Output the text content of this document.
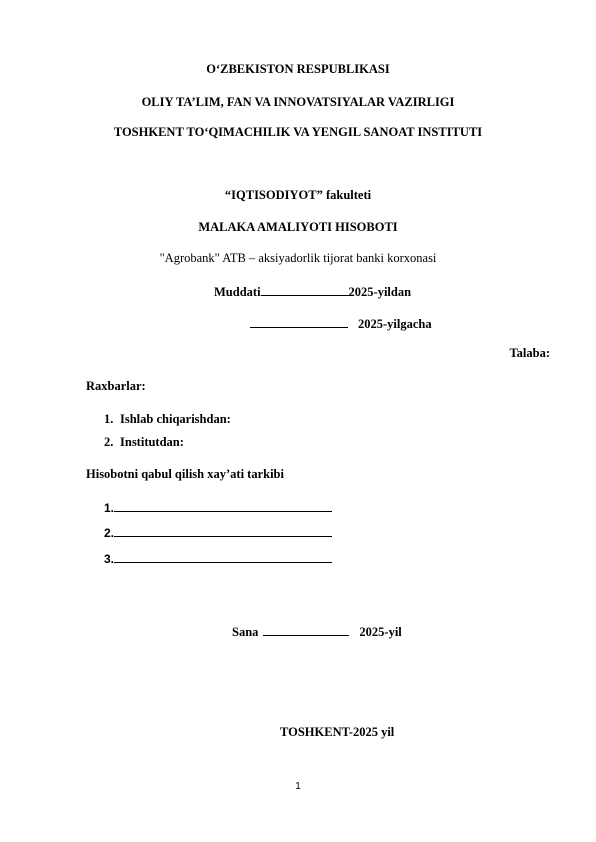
O‘ZBEKISTON RESPUBLIKASI
OLIY TA’LIM, FAN VA INNOVATSIYALAR VAZIRLIGI
TOSHKENT TO‘QIMACHILIK VA YENGIL SANOAT INSTITUTI
“IQTISODIYOT” fakulteti
MALAKA AMALIYOTI HISOBOTI
"Agrobank" ATB – aksiyadorlik tijorat banki korxonasi
Muddati	2025-yildan
2025-yilgacha
Talaba:
Raxbarlar:
1. Ishlab chiqarishdan:
2. Institutdan:
Hisobotni qabul qilish xay’ati tarkibi
1.
2.
3.
Sana	2025-yil
TOSHKENT-2025 yil
1
